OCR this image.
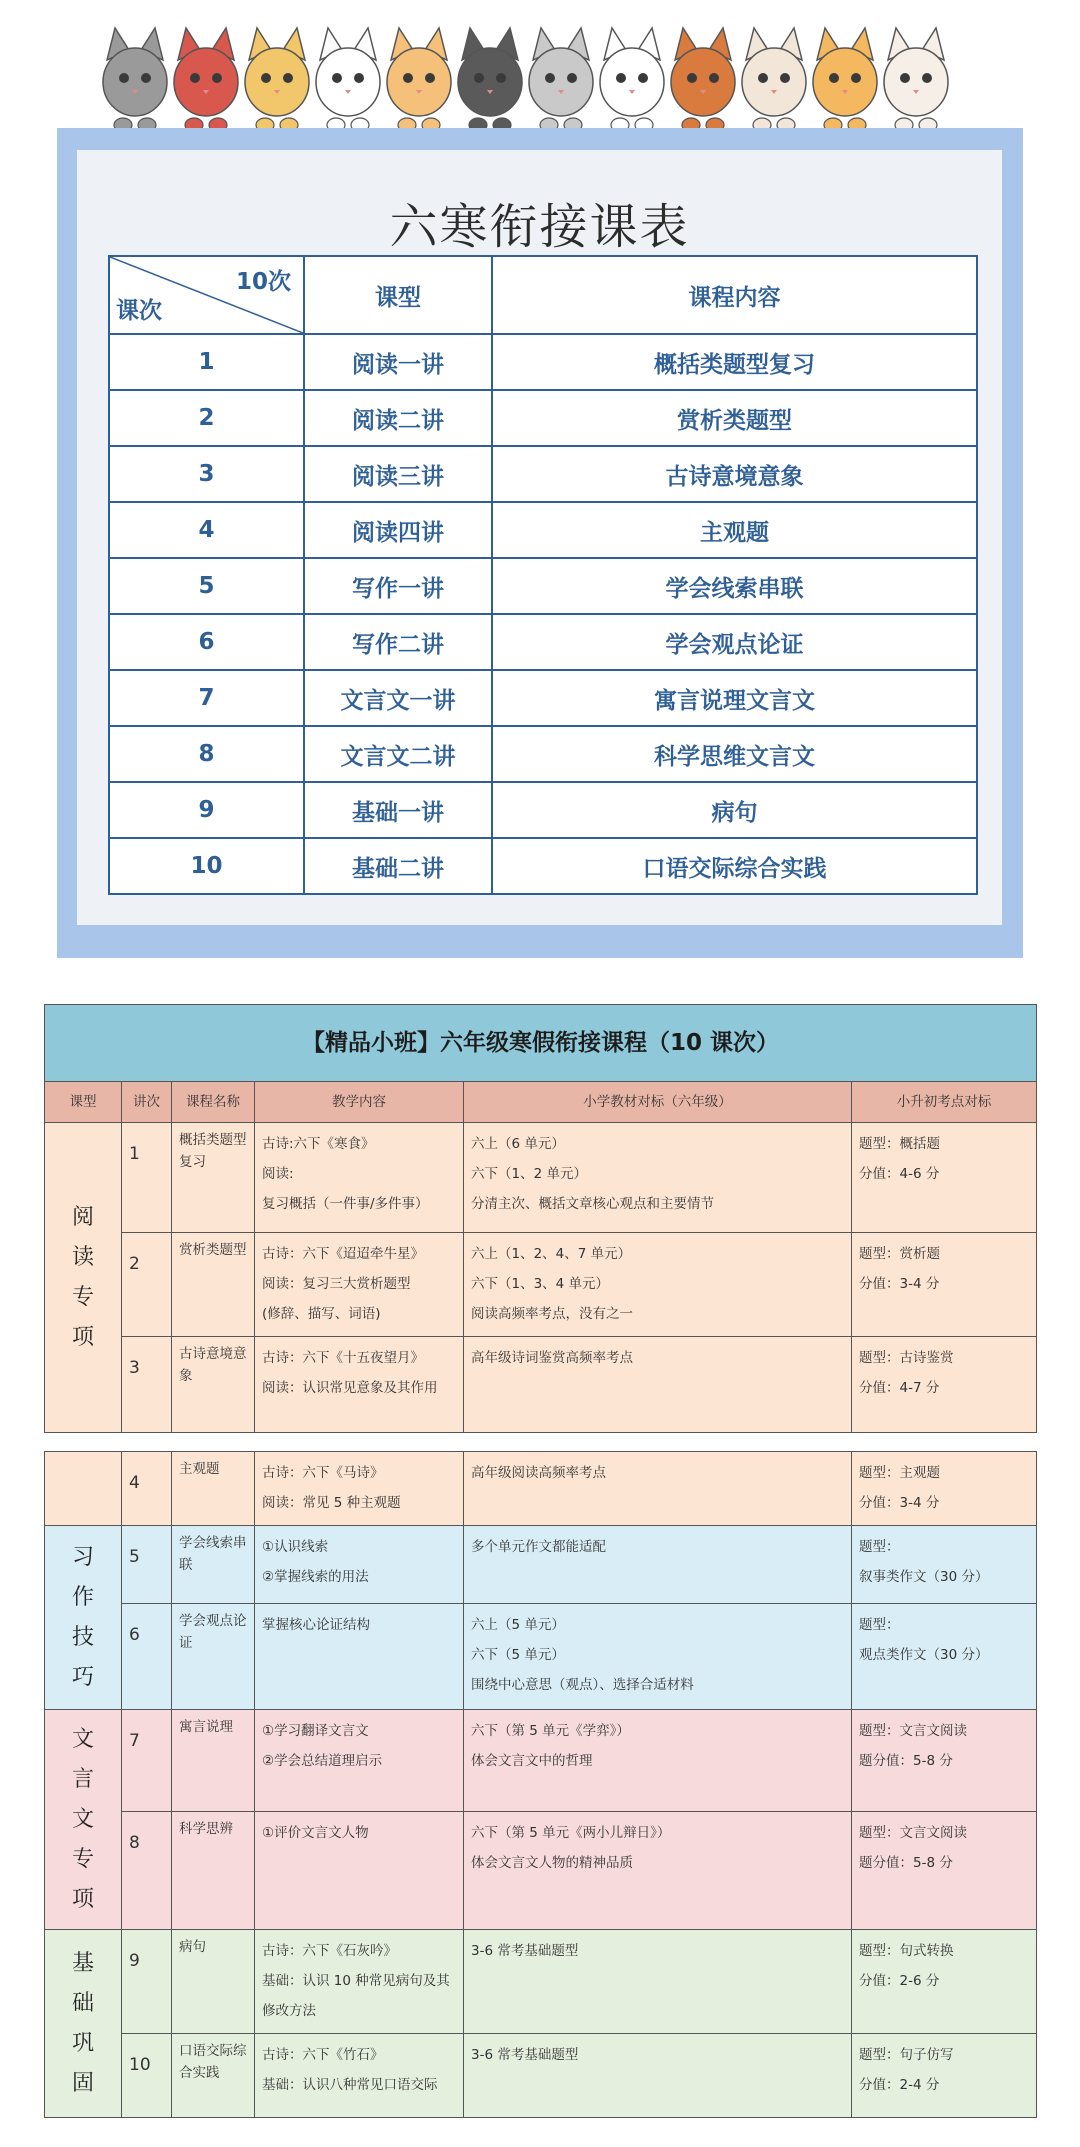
六寒衔接课表
10次
课次	课型	课程内容
1	阅读一讲	概括类题型复习
2	阅读二讲	赏析类题型
3	阅读三讲	古诗意境意象
4	阅读四讲	主观题
5	写作一讲	学会线索串联
6	写作二讲	学会观点论证
7	文言文一讲	寓言说理文言文
8	文言文二讲	科学思维文言文
9	基础一讲	病句
10	基础二讲	口语交际综合实践
【精品小班】六年级寒假衔接课程（10 课次）					
课型	讲次	课程名称	教学内容	小学教材对标（六年级）	小升初考点对标

阅
读
专
项	1	概括类题型复习	古诗:六下《寒食》
阅读:
复习概括（一件事/多件事）	六上（6 单元）
六下（1、2 单元）
分清主次、概括文章核心观点和主要情节	题型：概括题
分值：4-6 分

	2	赏析类题型	古诗：六下《迢迢牵牛星》
阅读：复习三大赏析题型
(修辞、描写、词语)	六上（1、2、4、7 单元）
六下（1、3、4 单元）
阅读高频率考点，没有之一	题型：赏析题
分值：3-4 分

	3	古诗意境意象	古诗：六下《十五夜望月》
阅读：认识常见意象及其作用	高年级诗词鉴赏高频率考点	题型：古诗鉴赏
分值：4-7 分

	4	主观题	古诗：六下《马诗》
阅读：常见 5 种主观题	高年级阅读高频率考点	题型：主观题
分值：3-4 分

习
作
技
巧	5	学会线索串联	①认识线索
②掌握线索的用法	多个单元作文都能适配	题型：
叙事类作文（30 分）

	6	学会观点论证	掌握核心论证结构	六上（5 单元）
六下（5 单元）
围绕中心意思（观点）、选择合适材料	题型：
观点类作文（30 分）

文
言
文
专
项	7	寓言说理	①学习翻译文言文
②学会总结道理启示	六下（第 5 单元《学弈》）
体会文言文中的哲理	题型：文言文阅读
题分值：5-8 分

	8	科学思辨	①评价文言文人物	六下（第 5 单元《两小儿辩日》）
体会文言文人物的精神品质	题型：文言文阅读
题分值：5-8 分

基
础
巩
固	9	病句	古诗：六下《石灰吟》
基础：认识 10 种常见病句及其修改方法	3-6 常考基础题型	题型：句式转换
分值：2-6 分

	10	口语交际综合实践	古诗：六下《竹石》
基础：认识八种常见口语交际	3-6 常考基础题型	题型：句子仿写
分值：2-4 分
